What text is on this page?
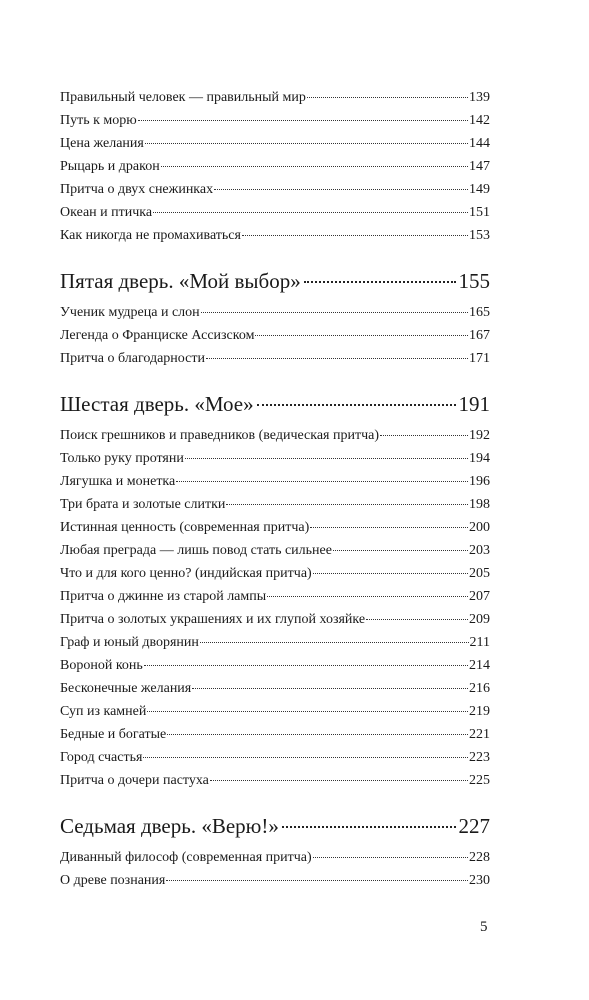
Правильный человек — правильный мир	139
Путь к морю	142
Цена желания	144
Рыцарь и дракон	147
Притча о двух снежинках	149
Океан и птичка	151
Как никогда не промахиваться	153
Пятая дверь. «Мой выбор»	155
Ученик мудреца и слон	165
Легенда о Франциске Ассизском	167
Притча о благодарности	171
Шестая дверь. «Мое»	191
Поиск грешников и праведников (ведическая притча)	192
Только руку протяни	194
Лягушка и монетка	196
Три брата и золотые слитки	198
Истинная ценность (современная притча)	200
Любая преграда — лишь повод стать сильнее	203
Что и для кого ценно? (индийская притча)	205
Притча о джинне из старой лампы	207
Притча о золотых украшениях и их глупой хозяйке	209
Граф и юный дворянин	211
Вороной конь	214
Бесконечные желания	216
Суп из камней	219
Бедные и богатые	221
Город счастья	223
Притча о дочери пастуха	225
Седьмая дверь. «Верю!»	227
Диванный философ (современная притча)	228
О древе познания	230
5
